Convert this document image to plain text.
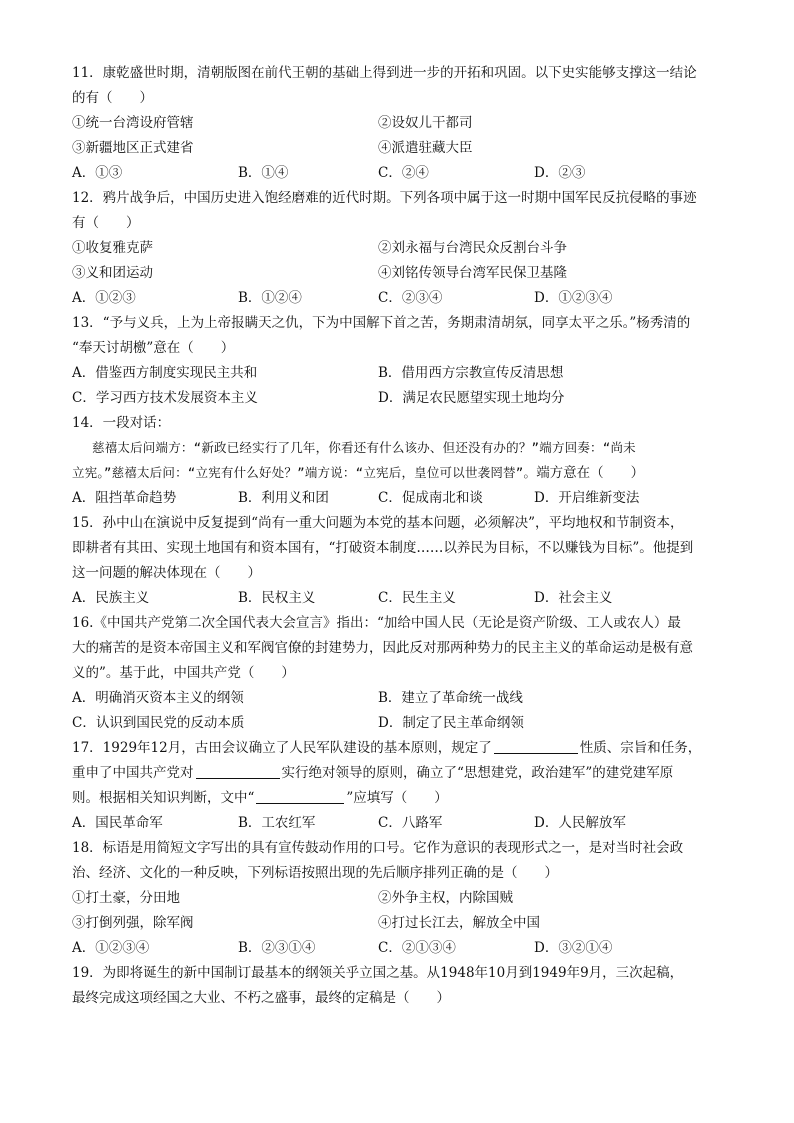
11．康乾盛世时期，清朝版图在前代王朝的基础上得到进一步的开拓和巩固。以下史实能够支撑这一结论
的有（　　）
①统一台湾设府管辖	②设奴儿干都司
③新疆地区正式建省	④派遣驻藏大臣
A．①③	B．①④	C．②④	D．②③
12．鸦片战争后，中国历史进入饱经磨难的近代时期。下列各项中属于这一时期中国军民反抗侵略的事迹
有（　　）
①收复雅克萨	②刘永福与台湾民众反割台斗争
③义和团运动	④刘铭传领导台湾军民保卫基隆
A．①②③	B．①②④	C．②③④	D．①②③④
13．“予与义兵，上为上帝报瞒天之仇，下为中国解下首之苦，务期肃清胡氛，同享太平之乐。”杨秀清的
“奉天讨胡檄”意在（　　）
A．借鉴西方制度实现民主共和	B．借用西方宗教宣传反清思想
C．学习西方技术发展资本主义	D．满足农民愿望实现土地均分
14．一段对话：
慈禧太后问端方：“新政已经实行了几年，你看还有什么该办、但还没有办的？”端方回奏：“尚未
立宪。”慈禧太后问：“立宪有什么好处？”端方说：“立宪后，皇位可以世袭罔替”。端方意在（　　）
A．阻挡革命趋势	B．利用义和团	C．促成南北和谈	D．开启维新变法
15．孙中山在演说中反复提到“尚有一重大问题为本党的基本问题，必须解决”，平均地权和节制资本，
即耕者有其田、实现土地国有和资本国有，“打破资本制度……以养民为目标，不以赚钱为目标”。他提到
这一问题的解决体现在（　　）
A．民族主义	B．民权主义	C．民生主义	D．社会主义
16.《中国共产党第二次全国代表大会宣言》指出：“加给中国人民（无论是资产阶级、工人或农人）最
大的痛苦的是资本帝国主义和军阀官僚的封建势力，因此反对那两种势力的民主主义的革命运动是极有意
义的”。基于此，中国共产党（　　）
A．明确消灭资本主义的纲领	B．建立了革命统一战线
C．认识到国民党的反动本质	D．制定了民主革命纲领
17．1929年12月，古田会议确立了人民军队建设的基本原则，规定了	性质、宗旨和任务，
重申了中国共产党对	实行绝对领导的原则，确立了“思想建党，政治建军”的建党建军原
则。根据相关知识判断，文中“	”应填写（　　）
A．国民革命军	B．工农红军	C．八路军	D．人民解放军
18．标语是用简短文字写出的具有宣传鼓动作用的口号。它作为意识的表现形式之一，是对当时社会政
治、经济、文化的一种反映，下列标语按照出现的先后顺序排列正确的是（　　）
①打土豪，分田地	②外争主权，内除国贼
③打倒列强，除军阀	④打过长江去，解放全中国
A．①②③④	B．②③①④	C．②①③④	D．③②①④
19．为即将诞生的新中国制订最基本的纲领关乎立国之基。从1948年10月到1949年9月，三次起稿，
最终完成这项经国之大业、不朽之盛事，最终的定稿是（　　）
